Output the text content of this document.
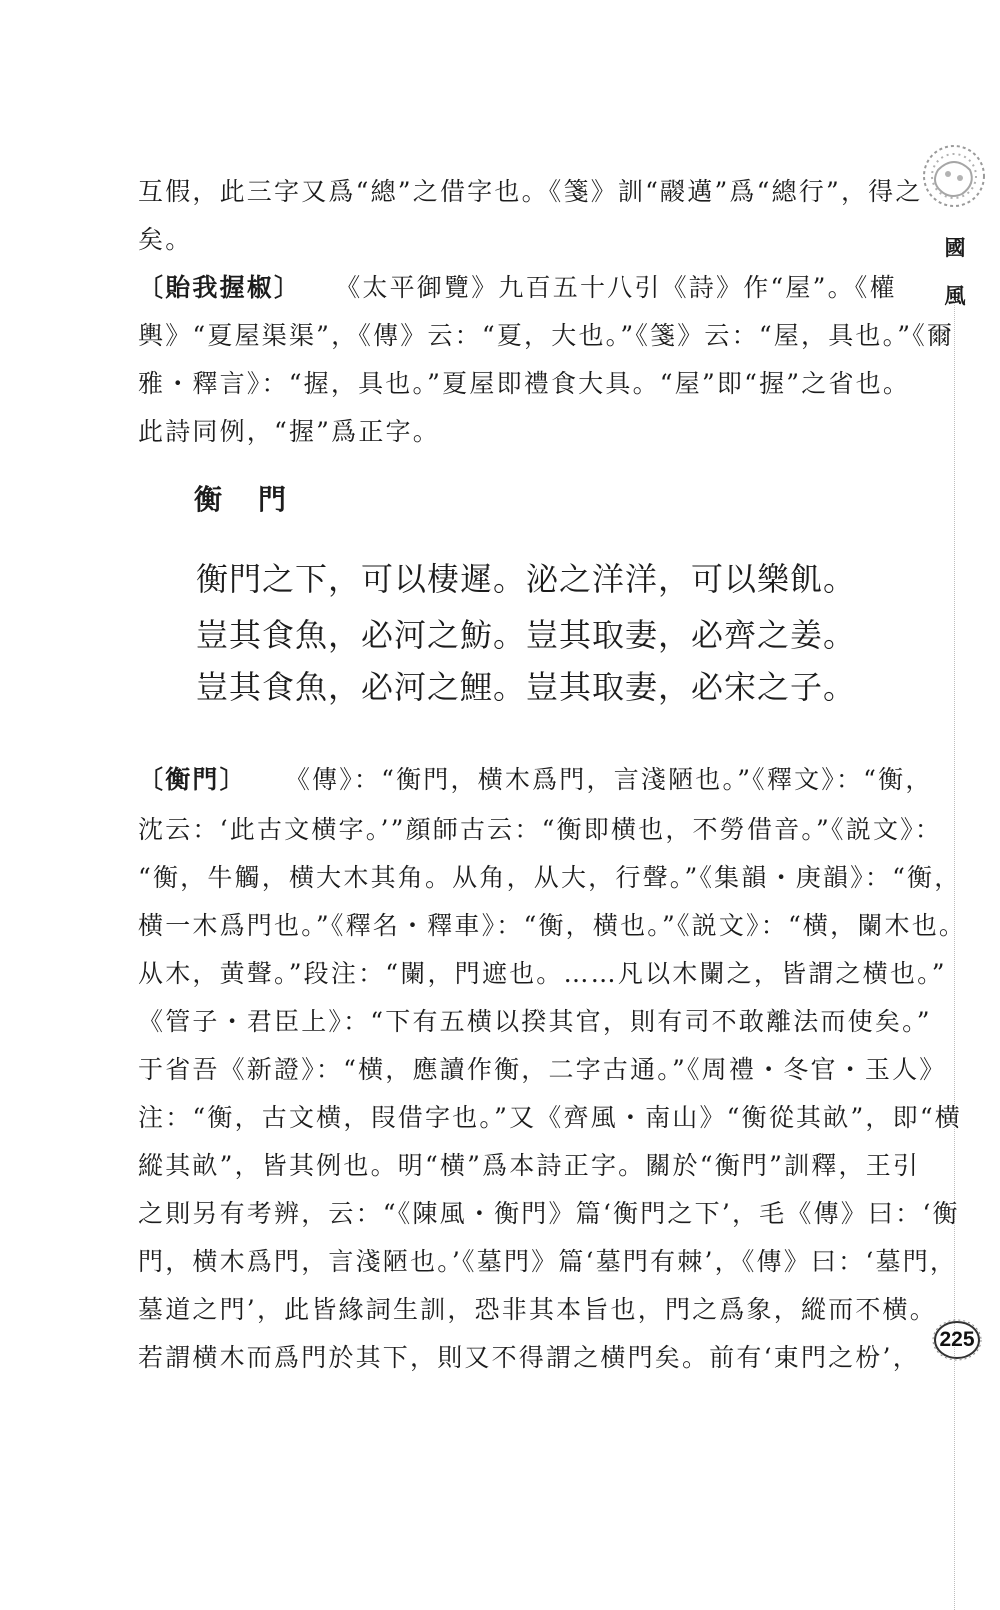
國
風
互假，此三字又爲“總”之借字也。《箋》訓“鬷邁”爲“總行”，得之
矣。
〔貽我握椒〕 《太平御覽》九百五十八引《詩》作“屋”。《權
輿》“夏屋渠渠”，《傳》云：“夏，大也。”《箋》云：“屋，具也。”《爾
雅・釋言》：“握，具也。”夏屋即禮食大具。“屋”即“握”之省也。
此詩同例，“握”爲正字。
衡門
衡門之下，可以棲遲。泌之洋洋，可以樂飢。
豈其食魚，必河之魴。豈其取妻，必齊之姜。
豈其食魚，必河之鯉。豈其取妻，必宋之子。
〔衡門〕 《傳》：“衡門，横木爲門，言淺陋也。”《釋文》：“衡，
沈云：‘此古文横字。’”顔師古云：“衡即横也，不勞借音。”《説文》：
“衡，牛觸，横大木其角。从角，从大，行聲。”《集韻・庚韻》：“衡，
横一木爲門也。”《釋名・釋車》：“衡，横也。”《説文》：“横，闌木也。
从木，黄聲。”段注：“闌，門遮也。……凡以木闌之，皆謂之横也。”
《管子・君臣上》：“下有五横以揆其官，則有司不敢離法而使矣。”
于省吾《新證》：“横，應讀作衡，二字古通。”《周禮・冬官・玉人》
注：“衡，古文横，叚借字也。”又《齊風・南山》“衡從其畝”，即“横
縱其畝”，皆其例也。明“横”爲本詩正字。關於“衡門”訓釋，王引
之則另有考辨，云：“《陳風・衡門》篇‘衡門之下’，毛《傳》曰：‘衡
門，横木爲門，言淺陋也。’《墓門》篇‘墓門有棘’，《傳》曰：‘墓門，
墓道之門’，此皆緣詞生訓，恐非其本旨也，門之爲象，縱而不横。
若謂横木而爲門於其下，則又不得謂之横門矣。前有‘東門之枌’，
225
